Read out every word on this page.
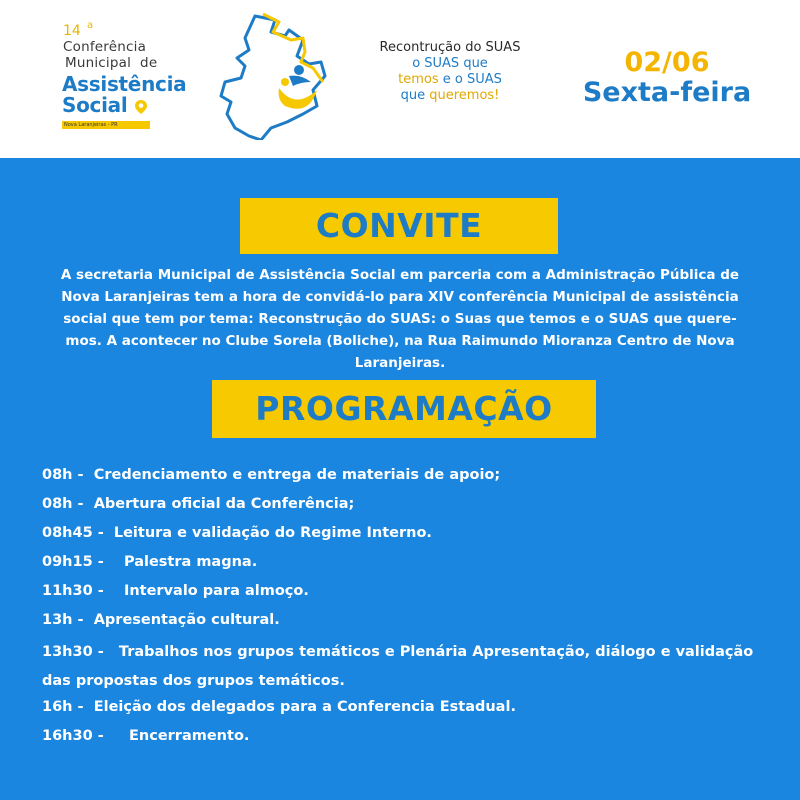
14 a
Conferência
Municipal  de
Assistência
Social
Nova Laranjeiras - PR
Recontrução do SUAS
o SUAS que
temos e o SUAS
que queremos!
02/06
Sexta-feira
CONVITE

A secretaria Municipal de Assistência Social em parceria com a Administração Pública de Nova Laranjeiras tem a hora de convidá-lo para XIV conferência Municipal de assistência social que tem por tema: Reconstrução do SUAS: o Suas que temos e o SUAS que quere- mos. A acontecer no Clube Sorela (Boliche), na Rua Raimundo Mioranza Centro de Nova Laranjeiras.

PROGRAMAÇÃO
08h - Credenciamento e entrega de materiais de apoio;
08h - Abertura oficial da Conferência;
08h45 - Leitura e validação do Regime Interno.
09h15 - Palestra magna.
11h30 - Intervalo para almoço.
13h - Apresentação cultural.
13h30 - Trabalhos nos grupos temáticos e Plenária Apresentação, diálogo e validação das propostas dos grupos temáticos.
16h - Eleição dos delegados para a Conferencia Estadual.
16h30 - Encerramento.
